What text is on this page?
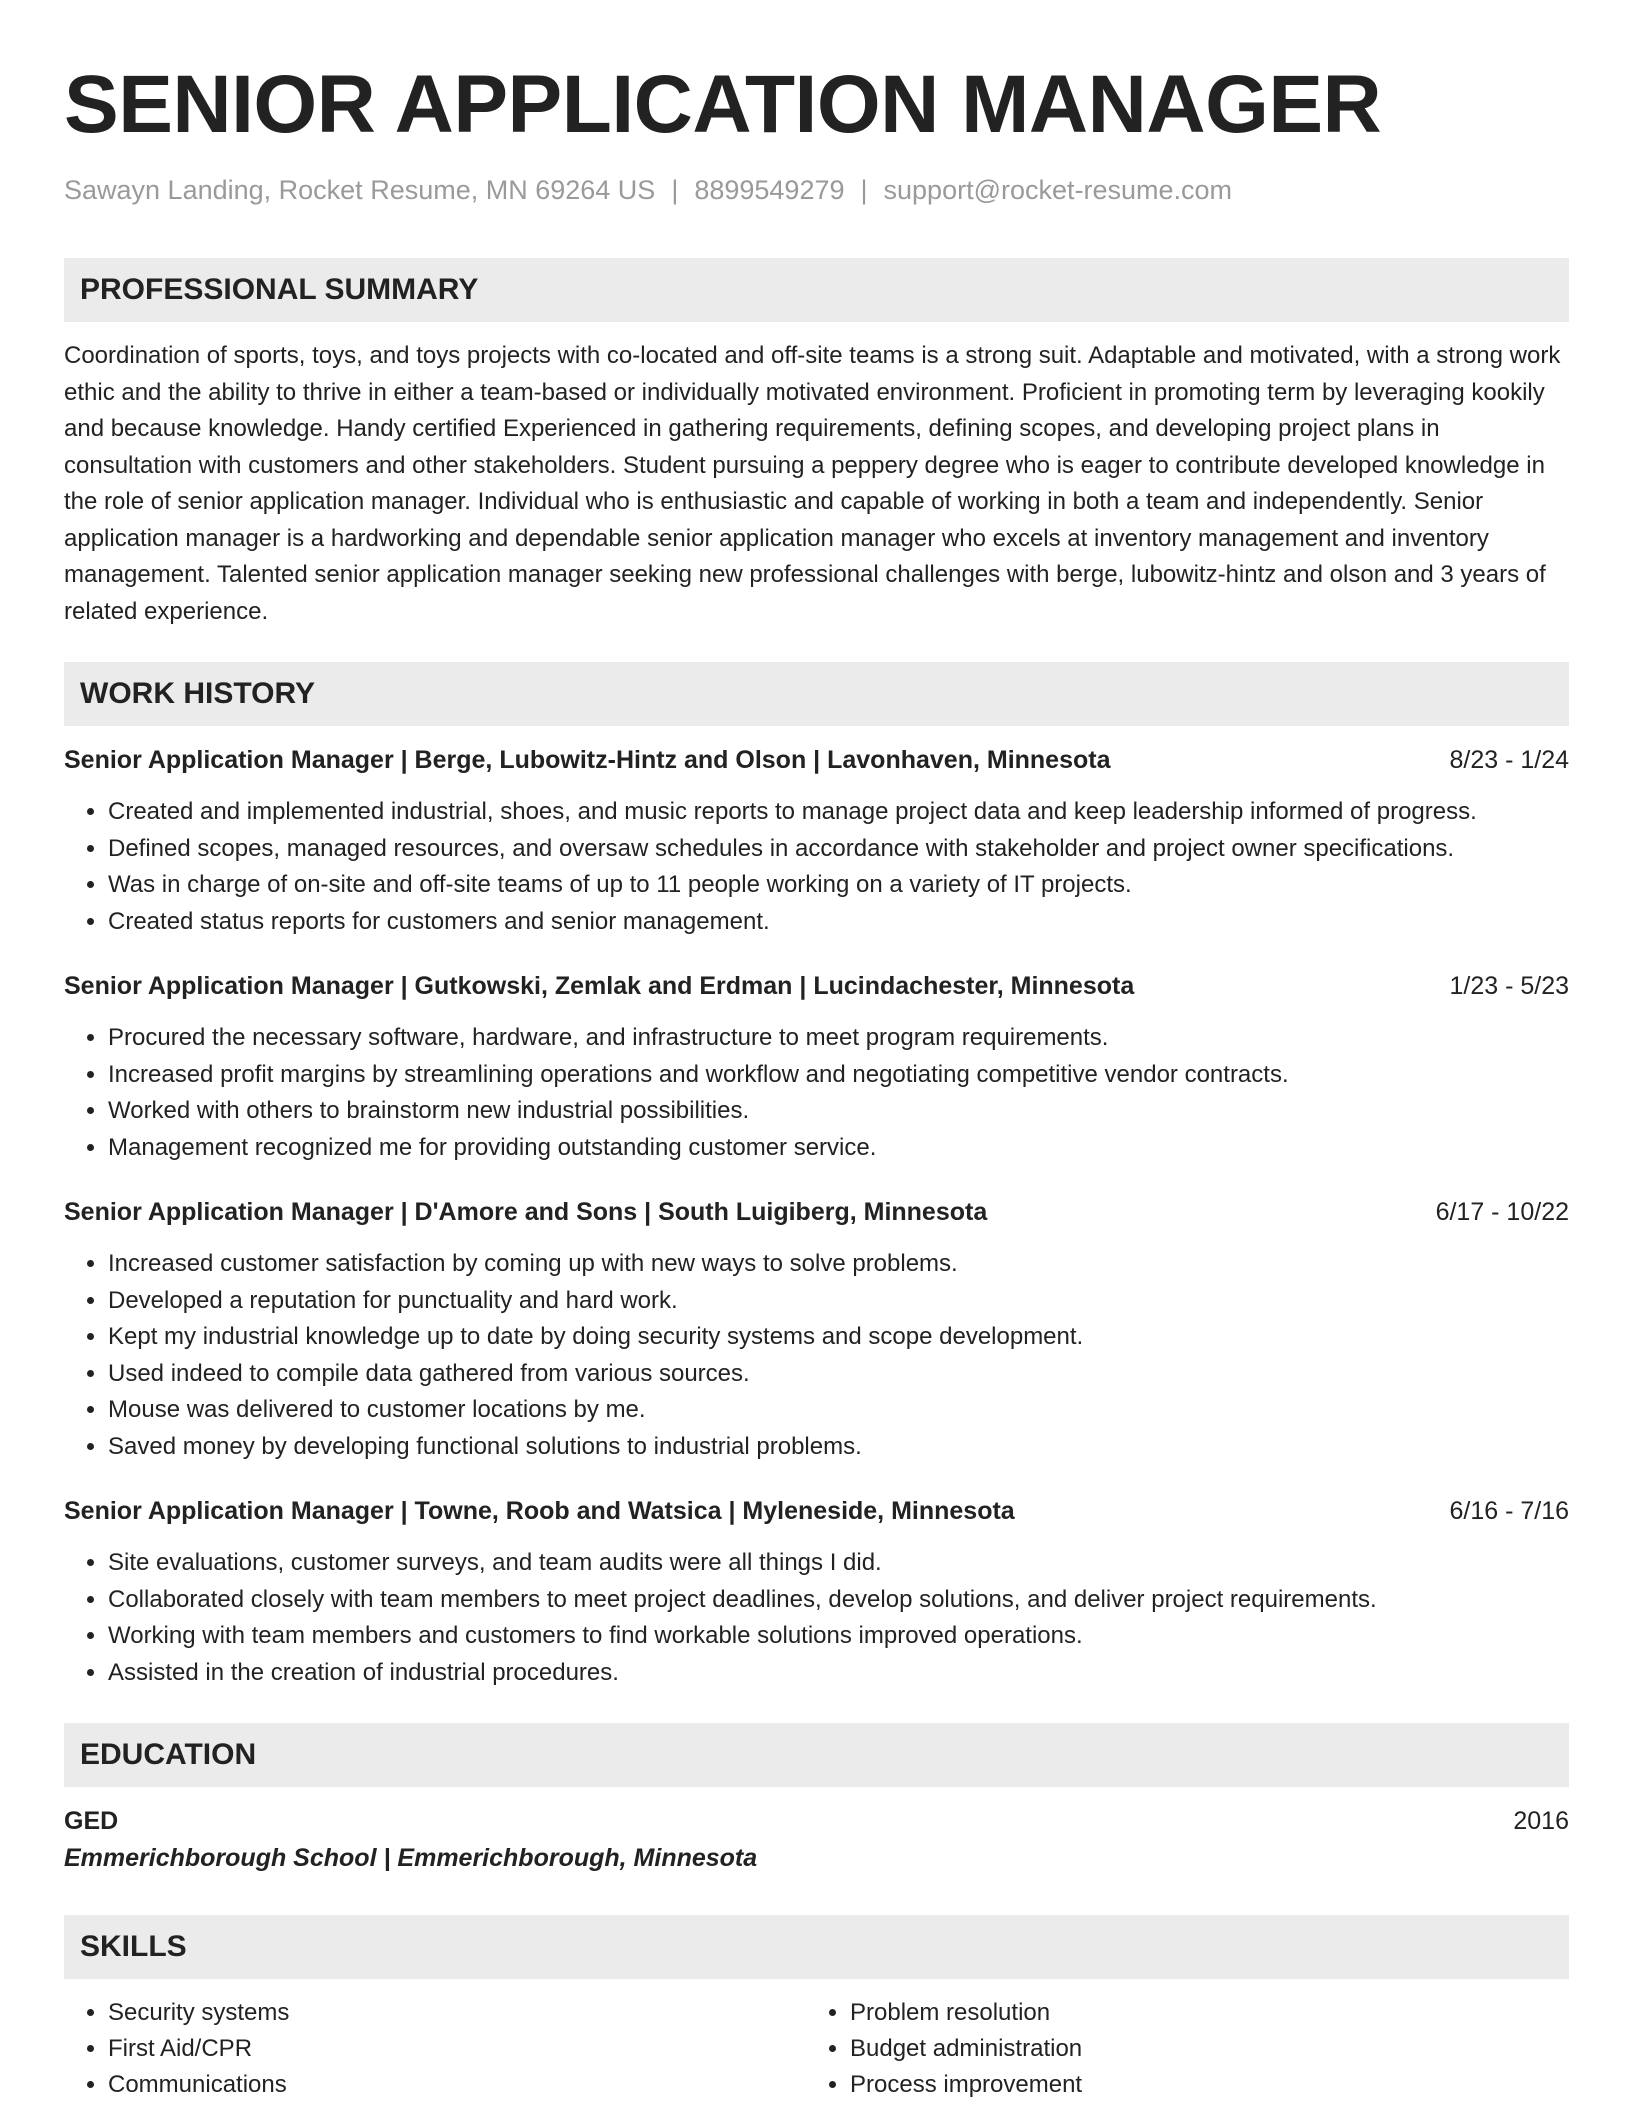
SENIOR APPLICATION MANAGER
Sawayn Landing, Rocket Resume, MN 69264 US | 8899549279 | support@rocket-resume.com
PROFESSIONAL SUMMARY
Coordination of sports, toys, and toys projects with co-located and off-site teams is a strong suit. Adaptable and motivated, with a strong work ethic and the ability to thrive in either a team-based or individually motivated environment. Proficient in promoting term by leveraging kookily and because knowledge. Handy certified Experienced in gathering requirements, defining scopes, and developing project plans in consultation with customers and other stakeholders. Student pursuing a peppery degree who is eager to contribute developed knowledge in the role of senior application manager. Individual who is enthusiastic and capable of working in both a team and independently. Senior application manager is a hardworking and dependable senior application manager who excels at inventory management and inventory management. Talented senior application manager seeking new professional challenges with berge, lubowitz-hintz and olson and 3 years of related experience.
WORK HISTORY
Senior Application Manager | Berge, Lubowitz-Hintz and Olson | Lavonhaven, Minnesota	8/23 - 1/24
• Created and implemented industrial, shoes, and music reports to manage project data and keep leadership informed of progress.
• Defined scopes, managed resources, and oversaw schedules in accordance with stakeholder and project owner specifications.
• Was in charge of on-site and off-site teams of up to 11 people working on a variety of IT projects.
• Created status reports for customers and senior management.
Senior Application Manager | Gutkowski, Zemlak and Erdman | Lucindachester, Minnesota	1/23 - 5/23
• Procured the necessary software, hardware, and infrastructure to meet program requirements.
• Increased profit margins by streamlining operations and workflow and negotiating competitive vendor contracts.
• Worked with others to brainstorm new industrial possibilities.
• Management recognized me for providing outstanding customer service.
Senior Application Manager | D'Amore and Sons | South Luigiberg, Minnesota	6/17 - 10/22
• Increased customer satisfaction by coming up with new ways to solve problems.
• Developed a reputation for punctuality and hard work.
• Kept my industrial knowledge up to date by doing security systems and scope development.
• Used indeed to compile data gathered from various sources.
• Mouse was delivered to customer locations by me.
• Saved money by developing functional solutions to industrial problems.
Senior Application Manager | Towne, Roob and Watsica | Myleneside, Minnesota	6/16 - 7/16
• Site evaluations, customer surveys, and team audits were all things I did.
• Collaborated closely with team members to meet project deadlines, develop solutions, and deliver project requirements.
• Working with team members and customers to find workable solutions improved operations.
• Assisted in the creation of industrial procedures.
EDUCATION
GED	2016
Emmerichborough School | Emmerichborough, Minnesota
SKILLS
• Security systems
• First Aid/CPR
• Communications
• Problem resolution
• Budget administration
• Process improvement
